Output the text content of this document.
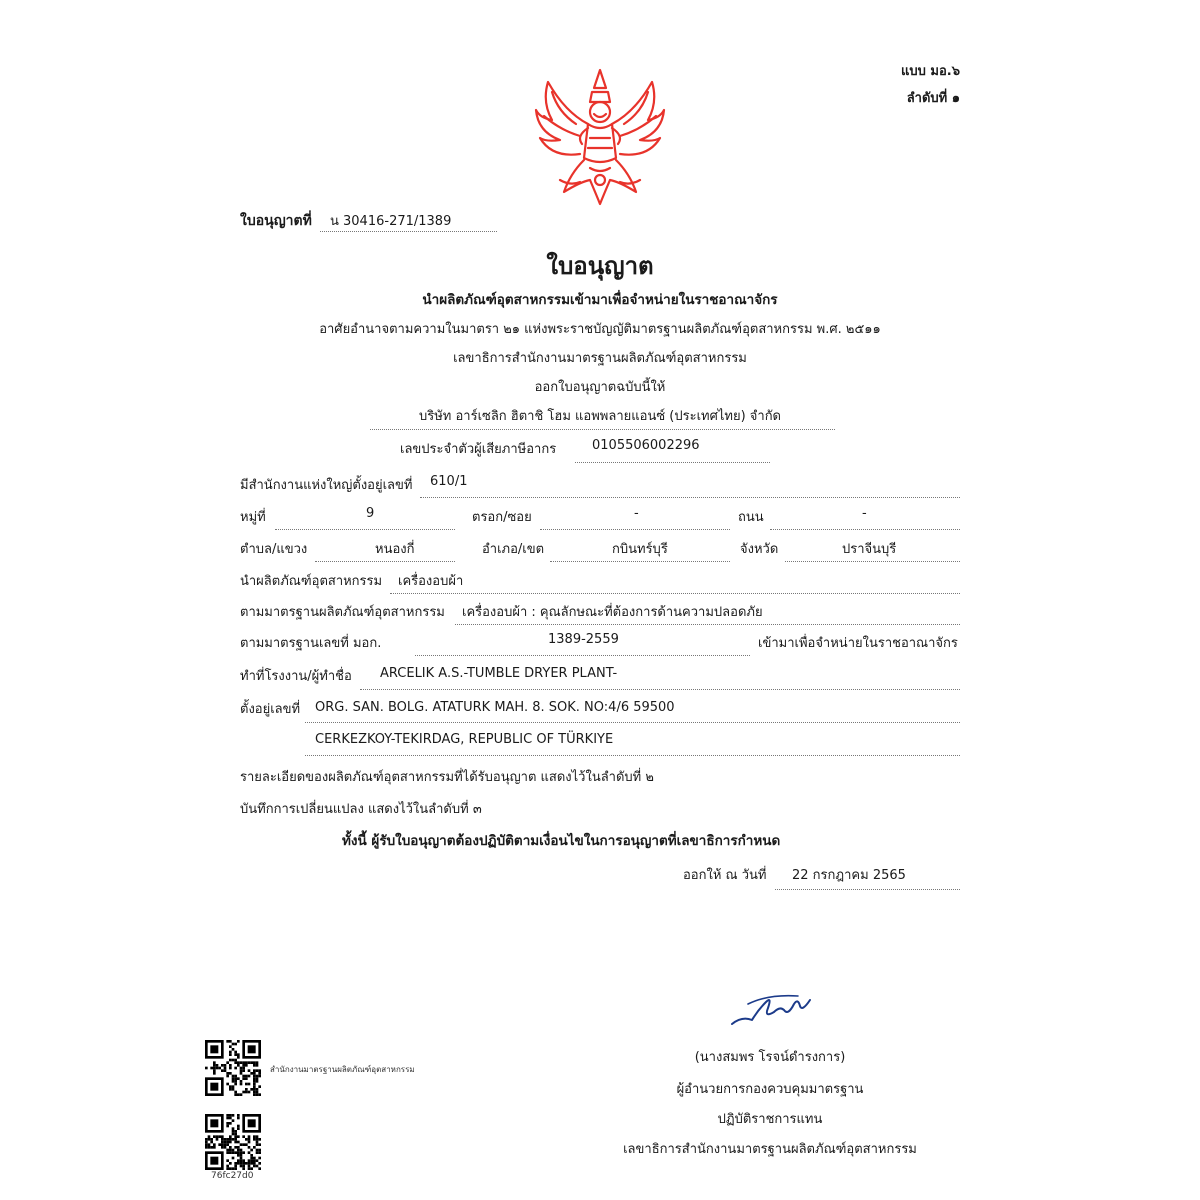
แบบ มอ.๖
ลำดับที่ ๑
ใบอนุญาตที่ น 30416-271/1389
ใบอนุญาต
นำผลิตภัณฑ์อุตสาหกรรมเข้ามาเพื่อจำหน่ายในราชอาณาจักร
อาศัยอำนาจตามความในมาตรา ๒๑ แห่งพระราชบัญญัติมาตรฐานผลิตภัณฑ์อุตสาหกรรม พ.ศ. ๒๕๑๑
เลขาธิการสำนักงานมาตรฐานผลิตภัณฑ์อุตสาหกรรม
ออกใบอนุญาตฉบับนี้ให้
บริษัท อาร์เซลิก ฮิตาชิ โฮม แอพพลายแอนซ์ (ประเทศไทย) จำกัด
เลขประจำตัวผู้เสียภาษีอากร	0105506002296
มีสำนักงานแห่งใหญ่ตั้งอยู่เลขที่ 610/1
หมู่ที่	9	ตรอก/ซอย	-	ถนน	-
ตำบล/แขวง	หนองกี่	อำเภอ/เขต	กบินทร์บุรี	จังหวัด	ปราจีนบุรี
นำผลิตภัณฑ์อุตสาหกรรม เครื่องอบผ้า
ตามมาตรฐานผลิตภัณฑ์อุตสาหกรรม เครื่องอบผ้า : คุณลักษณะที่ต้องการด้านความปลอดภัย
ตามมาตรฐานเลขที่ มอก.	1389-2559	เข้ามาเพื่อจำหน่ายในราชอาณาจักร
ทำที่โรงงาน/ผู้ทำชื่อ ARCELIK A.S.-TUMBLE DRYER PLANT-
ตั้งอยู่เลขที่ ORG. SAN. BOLG. ATATURK MAH. 8. SOK. NO:4/6 59500
CERKEZKOY-TEKIRDAG, REPUBLIC OF TÜRKIYE
รายละเอียดของผลิตภัณฑ์อุตสาหกรรมที่ได้รับอนุญาต แสดงไว้ในลำดับที่ ๒
บันทึกการเปลี่ยนแปลง แสดงไว้ในลำดับที่ ๓
ทั้งนี้ ผู้รับใบอนุญาตต้องปฏิบัติตามเงื่อนไขในการอนุญาตที่เลขาธิการกำหนด
ออกให้ ณ วันที่ 22 กรกฎาคม 2565
(นางสมพร โรจน์ดำรงการ)
ผู้อำนวยการกองควบคุมมาตรฐาน
ปฏิบัติราชการแทน
เลขาธิการสำนักงานมาตรฐานผลิตภัณฑ์อุตสาหกรรม
สำนักงานมาตรฐานผลิตภัณฑ์อุตสาหกรรม
76fc27d0
